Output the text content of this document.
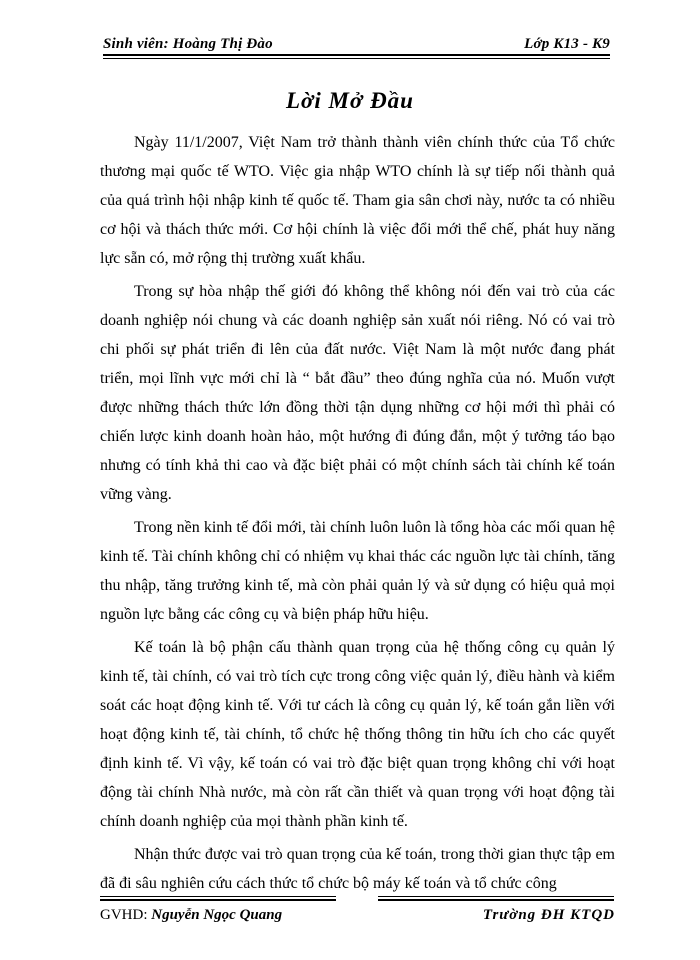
Sinh viên: Hoàng Thị Đào	Lớp K13 - K9
Lời Mở Đầu

Ngày 11/1/2007, Việt Nam trở thành thành viên chính thức của Tổ chức thương mại quốc tế WTO. Việc gia nhập WTO chính là sự tiếp nối thành quả của quá trình hội nhập kinh tế quốc tế. Tham gia sân chơi này, nước ta có nhiều cơ hội và thách thức mới. Cơ hội chính là việc đổi mới thể chế, phát huy năng lực sẵn có, mở rộng thị trường xuất khẩu.

Trong sự hòa nhập thế giới đó không thể không nói đến vai trò của các doanh nghiệp nói chung và các doanh nghiệp sản xuất nói riêng. Nó có vai trò chi phối sự phát triển đi lên của đất nước. Việt Nam là một nước đang phát triển, mọi lĩnh vực mới chỉ là “ bắt đầu” theo đúng nghĩa của nó. Muốn vượt được những thách thức lớn đồng thời tận dụng những cơ hội mới thì phải có chiến lược kinh doanh hoàn hảo, một hướng đi đúng đắn, một ý tưởng táo bạo nhưng có tính khả thi cao và đặc biệt phải có một chính sách tài chính kế toán vững vàng.

Trong nền kinh tế đổi mới, tài chính luôn luôn là tổng hòa các mối quan hệ kinh tế. Tài chính không chỉ có nhiệm vụ khai thác các nguồn lực tài chính, tăng thu nhập, tăng trưởng kinh tế, mà còn phải quản lý và sử dụng có hiệu quả mọi nguồn lực bằng các công cụ và biện pháp hữu hiệu.

Kế toán là bộ phận cấu thành quan trọng của hệ thống công cụ quản lý kinh tế, tài chính, có vai trò tích cực trong công việc quản lý, điều hành và kiểm soát các hoạt động kinh tế. Với tư cách là công cụ quản lý, kế toán gắn liền với hoạt động kinh tế, tài chính, tổ chức hệ thống thông tin hữu ích cho các quyết định kinh tế. Vì vậy, kế toán có vai trò đặc biệt quan trọng không chỉ với hoạt động tài chính Nhà nước, mà còn rất cần thiết và quan trọng với hoạt động tài chính doanh nghiệp của mọi thành phần kinh tế.

Nhận thức được vai trò quan trọng của kế toán, trong thời gian thực tập em đã đi sâu nghiên cứu cách thức tổ chức bộ máy kế toán và tổ chức công

GVHD: Nguyễn Ngọc Quang	Trường ĐH KTQD
